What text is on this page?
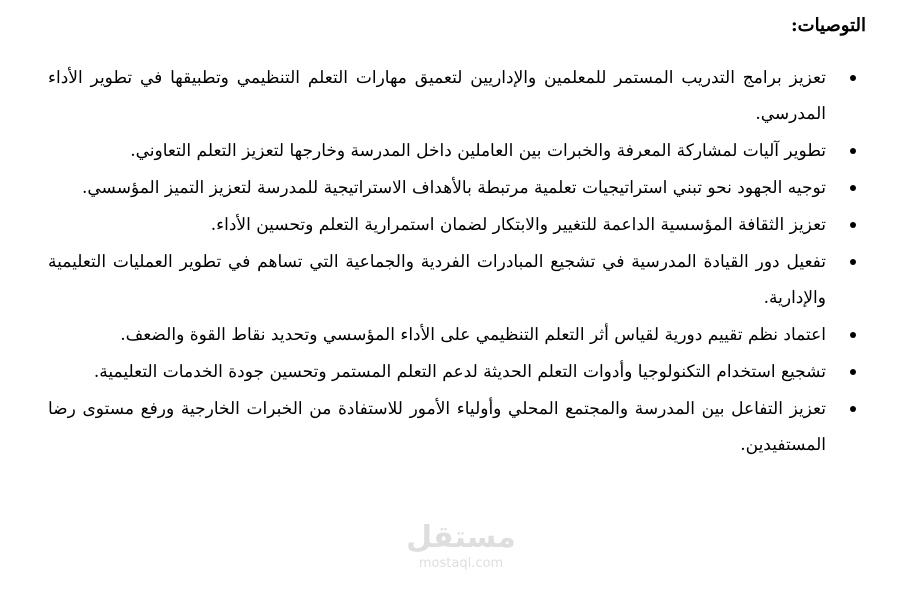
التوصيات:
تعزيز برامج التدريب المستمر للمعلمين والإداريين لتعميق مهارات التعلم التنظيمي وتطبيقها في تطوير الأداء المدرسي.
تطوير آليات لمشاركة المعرفة والخبرات بين العاملين داخل المدرسة وخارجها لتعزيز التعلم التعاوني.
توجيه الجهود نحو تبني استراتيجيات تعلمية مرتبطة بالأهداف الاستراتيجية للمدرسة لتعزيز التميز المؤسسي.
تعزيز الثقافة المؤسسية الداعمة للتغيير والابتكار لضمان استمرارية التعلم وتحسين الأداء.
تفعيل دور القيادة المدرسية في تشجيع المبادرات الفردية والجماعية التي تساهم في تطوير العمليات التعليمية والإدارية.
اعتماد نظم تقييم دورية لقياس أثر التعلم التنظيمي على الأداء المؤسسي وتحديد نقاط القوة والضعف.
تشجيع استخدام التكنولوجيا وأدوات التعلم الحديثة لدعم التعلم المستمر وتحسين جودة الخدمات التعليمية.
تعزيز التفاعل بين المدرسة والمجتمع المحلي وأولياء الأمور للاستفادة من الخبرات الخارجية ورفع مستوى رضا المستفيدين.
مستقل
mostaql.com
